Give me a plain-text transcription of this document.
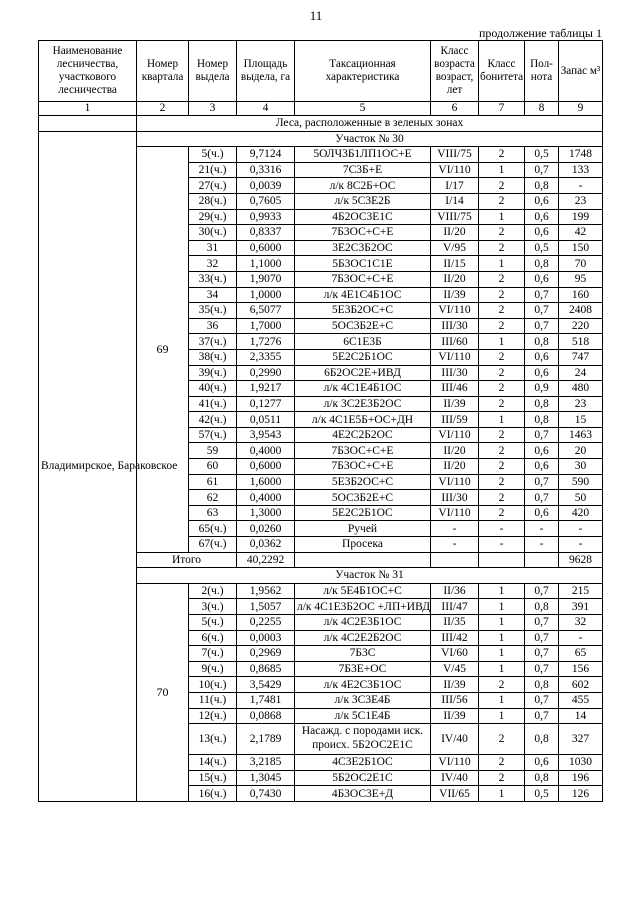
11
продолжение таблицы 1
Наименование лесничества, участкового лесничества	Номер квартала	Номер выдела	Площадь выдела, га	Таксационная характеристика	Класс возраста возраст, лет	Класс бонитета	Пол-нота	Запас м³
1	2	3	4	5	6	7	8	9
	Леса, расположенные в зеленых зонах							
Владимирское, Бараковское	Участок № 30							
	69	5(ч.)	9,7124	5ОЛЧ3Б1ЛП1ОС+Е	VIII/75	2	0,5	1748
		21(ч.)	0,3316	7С3Б+Е	VI/110	1	0,7	133
		27(ч.)	0,0039	л/к 8С2Б+ОС	I/17	2	0,8	-
		28(ч.)	0,7605	л/к 5С3Е2Б	I/14	2	0,6	23
		29(ч.)	0,9933	4Б2ОС3Е1С	VIII/75	1	0,6	199
		30(ч.)	0,8337	7Б3ОС+С+Е	II/20	2	0,6	42
		31	0,6000	3Е2С3Б2ОС	V/95	2	0,5	150
		32	1,1000	5Б3ОС1С1Е	II/15	1	0,8	70
		33(ч.)	1,9070	7Б3ОС+С+Е	II/20	2	0,6	95
		34	1,0000	л/к 4Е1С4Б1ОС	II/39	2	0,7	160
		35(ч.)	6,5077	5Е3Б2ОС+С	VI/110	2	0,7	2408
		36	1,7000	5ОС3Б2Е+С	III/30	2	0,7	220
		37(ч.)	1,7276	6С1Е3Б	III/60	1	0,8	518
		38(ч.)	2,3355	5Е2С2Б1ОС	VI/110	2	0,6	747
		39(ч.)	0,2990	6Б2ОС2Е+ИВД	III/30	2	0,6	24
		40(ч.)	1,9217	л/к 4С1Е4Б1ОС	III/46	2	0,9	480
		41(ч.)	0,1277	л/к 3С2Е3Б2ОС	II/39	2	0,8	23
		42(ч.)	0,0511	л/к 4С1Е5Б+ОС+ДН	III/59	1	0,8	15
		57(ч.)	3,9543	4Е2С2Б2ОС	VI/110	2	0,7	1463
		59	0,4000	7Б3ОС+С+Е	II/20	2	0,6	20
		60	0,6000	7Б3ОС+С+Е	II/20	2	0,6	30
		61	1,6000	5Е3Б2ОС+С	VI/110	2	0,7	590
		62	0,4000	5ОС3Б2Е+С	III/30	2	0,7	50
		63	1,3000	5Е2С2Б1ОС	VI/110	2	0,6	420
		65(ч.)	0,0260	Ручей	-	-	-	-
		67(ч.)	0,0362	Просека	-	-	-	-
	Итого		40,2292					9628
	Участок № 31							
	70	2(ч.)	1,9562	л/к 5Е4Б1ОС+С	II/36	1	0,7	215
		3(ч.)	1,5057	л/к 4С1Е3Б2ОС +ЛП+ИВД	III/47	1	0,8	391
		5(ч.)	0,2255	л/к 4С2Е3Б1ОС	II/35	1	0,7	32
		6(ч.)	0,0003	л/к 4С2Е2Б2ОС	III/42	1	0,7	-
		7(ч.)	0,2969	7Б3С	VI/60	1	0,7	65
		9(ч.)	0,8685	7Б3Е+ОС	V/45	1	0,7	156
		10(ч.)	3,5429	л/к 4Е2С3Б1ОС	II/39	2	0,8	602
		11(ч.)	1,7481	л/к 3С3Е4Б	III/56	1	0,7	455
		12(ч.)	0,0868	л/к 5С1Е4Б	II/39	1	0,7	14
		13(ч.)	2,1789	Насажд. с породами иск. происх. 5Б2ОС2Е1С	IV/40	2	0,8	327
		14(ч.)	3,2185	4С3Е2Б1ОС	VI/110	2	0,6	1030
		15(ч.)	1,3045	5Б2ОС2Е1С	IV/40	2	0,8	196
		16(ч.)	0,7430	4Б3ОС3Е+Д	VII/65	1	0,5	126
